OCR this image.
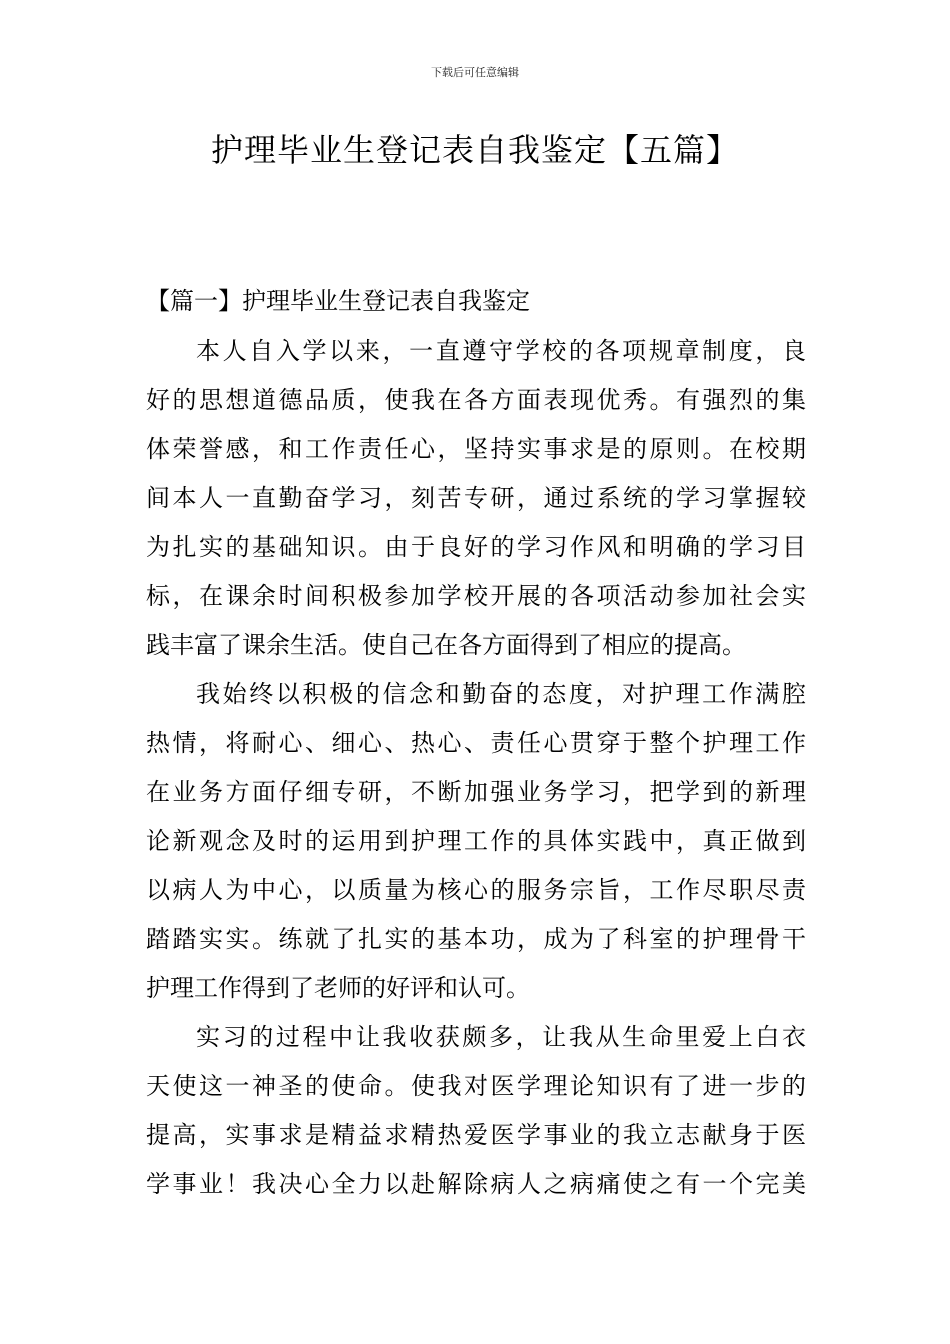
下载后可任意编辑
护理毕业生登记表自我鉴定【五篇】
【篇一】护理毕业生登记表自我鉴定

本人自入学以来，一直遵守学校的各项规章制度，良
好的思想道德品质，使我在各方面表现优秀。有强烈的集
体荣誉感，和工作责任心，坚持实事求是的原则。在校期
间本人一直勤奋学习，刻苦专研，通过系统的学习掌握较
为扎实的基础知识。由于良好的学习作风和明确的学习目
标，在课余时间积极参加学校开展的各项活动参加社会实
践丰富了课余生活。使自己在各方面得到了相应的提高。

我始终以积极的信念和勤奋的态度，对护理工作满腔
热情，将耐心、细心、热心、责任心贯穿于整个护理工作
在业务方面仔细专研，不断加强业务学习，把学到的新理
论新观念及时的运用到护理工作的具体实践中，真正做到
以病人为中心，以质量为核心的服务宗旨，工作尽职尽责
踏踏实实。练就了扎实的基本功，成为了科室的护理骨干
护理工作得到了老师的好评和认可。

实习的过程中让我收获颇多，让我从生命里爱上白衣
天使这一神圣的使命。使我对医学理论知识有了进一步的
提高，实事求是精益求精热爱医学事业的我立志献身于医
学事业！我决心全力以赴解除病人之病痛使之有一个完美
